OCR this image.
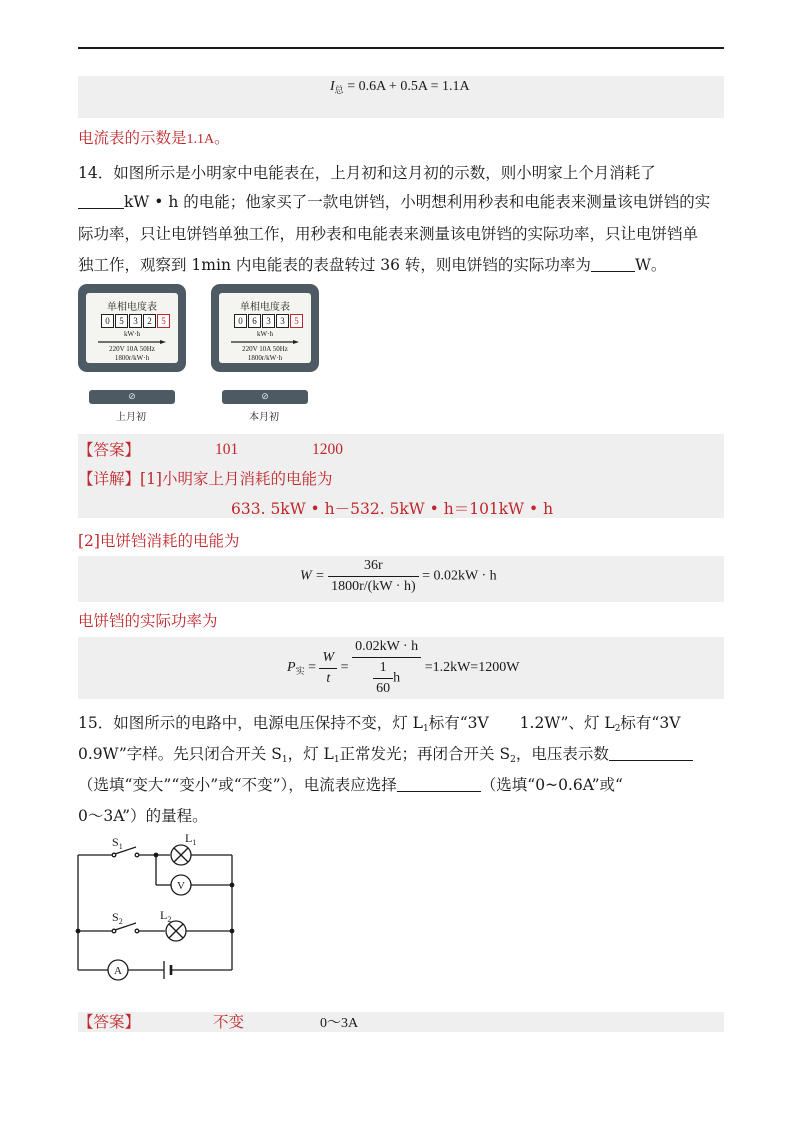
$I_总 = 0.6A + 0.5A = 1.1A$
电流表的示数是1.1A。
14．如图所示是小明家中电能表在，上月初和这月初的示数，则小明家上个月消耗了
kW • h 的电能；他家买了一款电饼铛，小明想利用秒表和电能表来测量该电饼铛的实
际功率，只让电饼铛单独工作，用秒表和电能表来测量该电饼铛的实际功率，只让电饼铛单
独工作，观察到 1min 内电能表的表盘转过 36 转，则电饼铛的实际功率为	W。
单相电度表
0	5	3	2	5
kW·h
220V 10A 50Hz
1800r/kW·h
⊘
上月初
单相电度表
0	6	3	3	5
kW·h
220V 10A 50Hz
1800r/kW·h
⊘
本月初
【答案】	101	1200
【详解】[1]小明家上月消耗的电能为
633. 5kW • h－532. 5kW • h＝101kW • h
[2]电饼铛消耗的电能为
$W = \frac{36r}{1800r/(kW \cdot h)} = 0.02kW \cdot h$
电饼铛的实际功率为
$P_实 = \frac{W}{t} = \frac{0.02kW \cdot h}{\frac{1}{60} h} =1.2kW=1200W$
15．如图所示的电路中，电源电压保持不变，灯 $L_1$标有“3V　　1.2W”、灯 $L_2$标有“3V
0.9W”字样。先只闭合开关 $S_1$，灯 $L_1$正常发光；再闭合开关 $S_2$，电压表示数
（选填“变大”“变小”或“不变”），电流表应选择	（选填“0~0.6A”或“
0～3A”）的量程。
$S_1$
$L_1$
V
$S_2$	$L_2$
A
【答案】	不变	0～3A
